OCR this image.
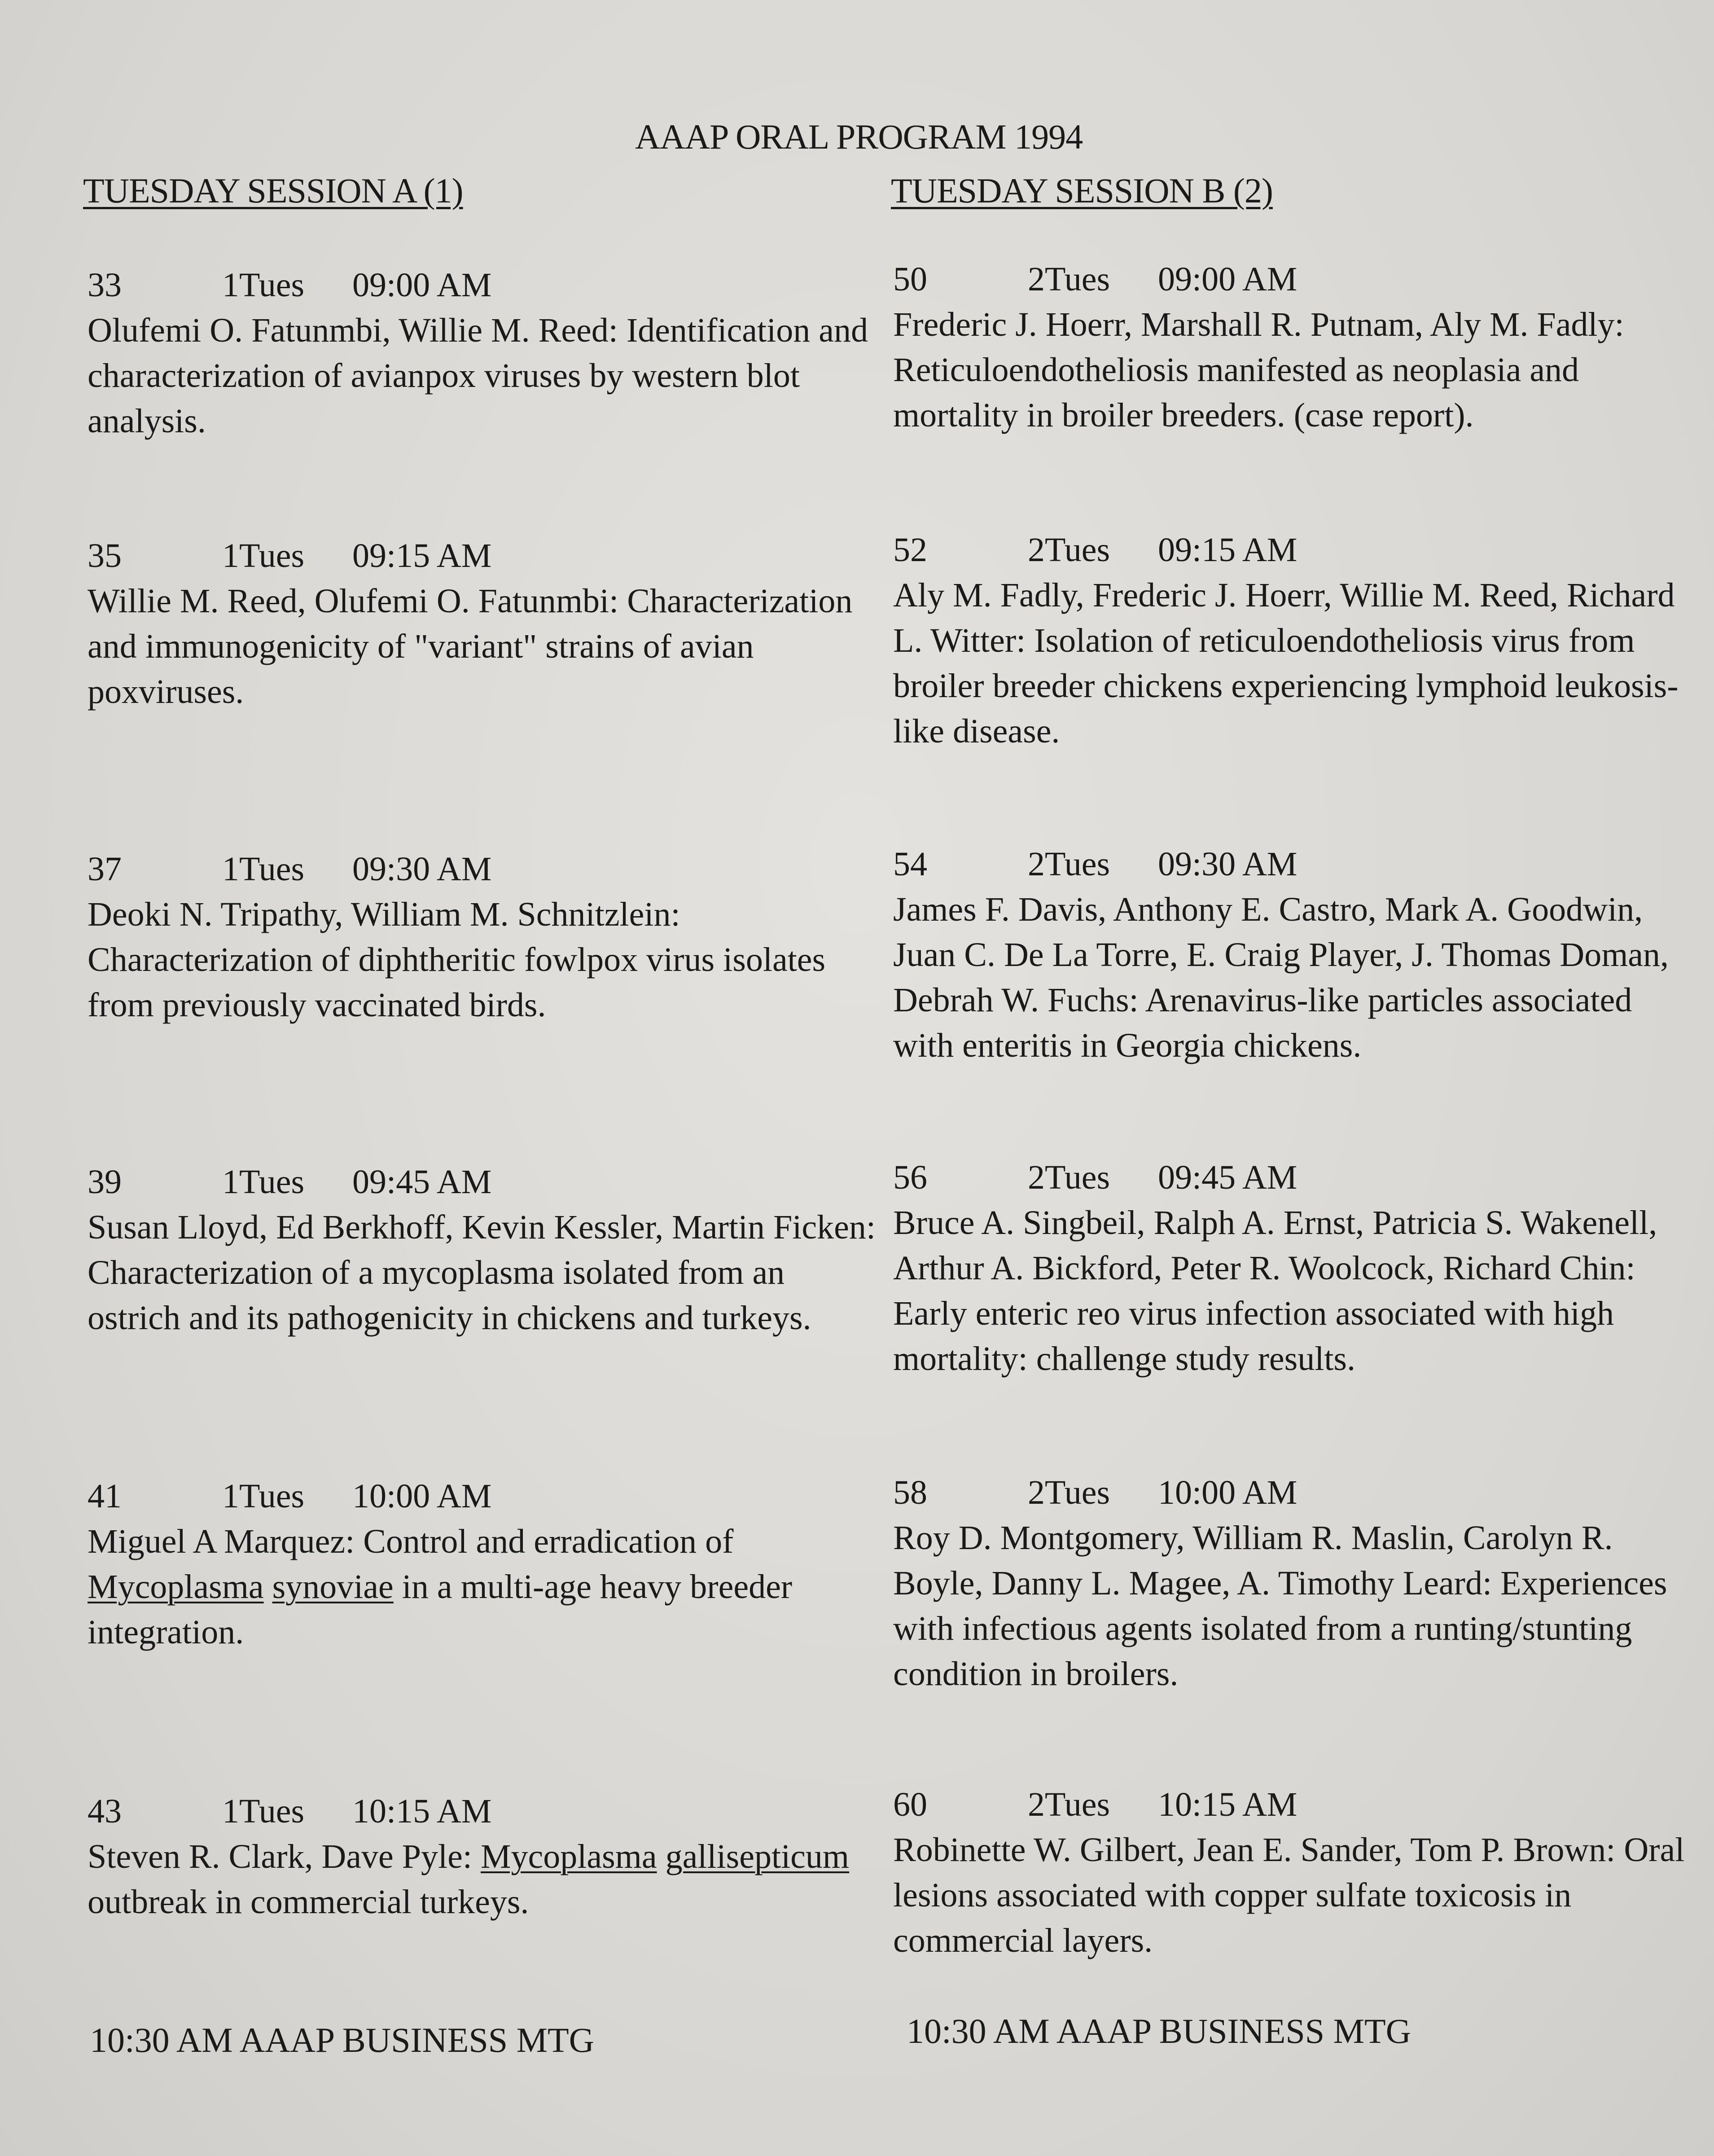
AAAP ORAL PROGRAM 1994
TUESDAY SESSION A (1)	TUESDAY SESSION B (2)
33	1Tues	09:00 AM

Olufemi O. Fatunmbi, Willie M. Reed: Identification and characterization of avianpox viruses by western blot analysis.

35	1Tues	09:15 AM

Willie M. Reed, Olufemi O. Fatunmbi: Characterization and immunogenicity of "variant" strains of avian poxviruses.

37	1Tues	09:30 AM

Deoki N. Tripathy, William M. Schnitzlein: Characterization of diphtheritic fowlpox virus isolates from previously vaccinated birds.

39	1Tues	09:45 AM

Susan Lloyd, Ed Berkhoff, Kevin Kessler, Martin Ficken: Characterization of a mycoplasma isolated from an ostrich and its pathogenicity in chickens and turkeys.

41	1Tues	10:00 AM

Miguel A Marquez: Control and erradication of Mycoplasma synoviae in a multi-age heavy breeder integration.

43	1Tues	10:15 AM

Steven R. Clark, Dave Pyle: Mycoplasma gallisepticum outbreak in commercial turkeys.

10:30 AM AAAP BUSINESS MTG
50	2Tues	09:00 AM

Frederic J. Hoerr, Marshall R. Putnam, Aly M. Fadly: Reticuloendotheliosis manifested as neoplasia and mortality in broiler breeders. (case report).

52	2Tues	09:15 AM

Aly M. Fadly, Frederic J. Hoerr, Willie M. Reed, Richard L. Witter: Isolation of reticuloendotheliosis virus from broiler breeder chickens experiencing lymphoid leukosis-like disease.

54	2Tues	09:30 AM

James F. Davis, Anthony E. Castro, Mark A. Goodwin, Juan C. De La Torre, E. Craig Player, J. Thomas Doman, Debrah W. Fuchs: Arenavirus-like particles associated with enteritis in Georgia chickens.

56	2Tues	09:45 AM

Bruce A. Singbeil, Ralph A. Ernst, Patricia S. Wakenell, Arthur A. Bickford, Peter R. Woolcock, Richard Chin: Early enteric reo virus infection associated with high mortality: challenge study results.

58	2Tues	10:00 AM

Roy D. Montgomery, William R. Maslin, Carolyn R. Boyle, Danny L. Magee, A. Timothy Leard: Experiences with infectious agents isolated from a runting/stunting condition in broilers.

60	2Tues	10:15 AM

Robinette W. Gilbert, Jean E. Sander, Tom P. Brown: Oral lesions associated with copper sulfate toxicosis in commercial layers.

10:30 AM AAAP BUSINESS MTG
